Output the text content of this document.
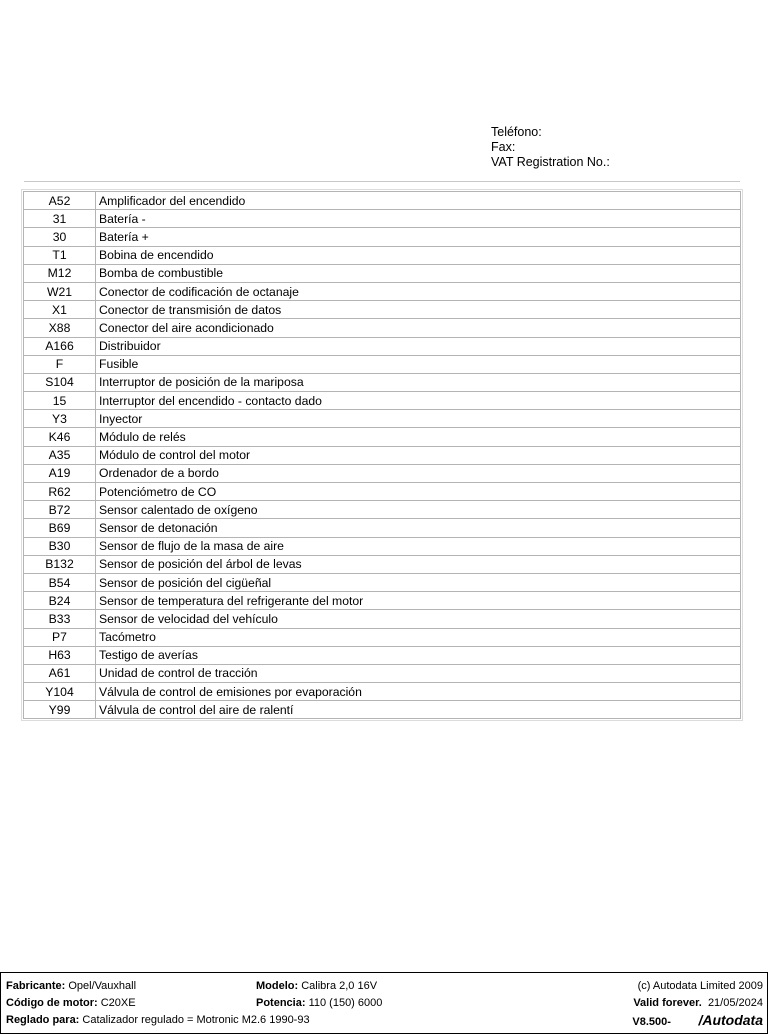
Teléfono:
Fax:
VAT Registration No.:
A52	Amplificador del encendido
31	Batería -
30	Batería +
T1	Bobina de encendido
M12	Bomba de combustible
W21	Conector de codificación de octanaje
X1	Conector de transmisión de datos
X88	Conector del aire acondicionado
A166	Distribuidor
F	Fusible
S104	Interruptor de posición de la mariposa
15	Interruptor del encendido - contacto dado
Y3	Inyector
K46	Módulo de relés
A35	Módulo de control del motor
A19	Ordenador de a bordo
R62	Potenciómetro de CO
B72	Sensor calentado de oxígeno
B69	Sensor de detonación
B30	Sensor de flujo de la masa de aire
B132	Sensor de posición del árbol de levas
B54	Sensor de posición del cigüeñal
B24	Sensor de temperatura del refrigerante del motor
B33	Sensor de velocidad del vehículo
P7	Tacómetro
H63	Testigo de averías
A61	Unidad de control de tracción
Y104	Válvula de control de emisiones por evaporación
Y99	Válvula de control del aire de ralentí
Fabricante: Opel/Vauxhall
Código de motor: C20XE
Reglado para: Catalizador regulado = Motronic M2.6 1990-93
Modelo: Calibra 2,0 16V
Potencia: 110 (150) 6000
(c) Autodata Limited 2009
Valid forever. 21/05/2024
V8.500- /Autodata
